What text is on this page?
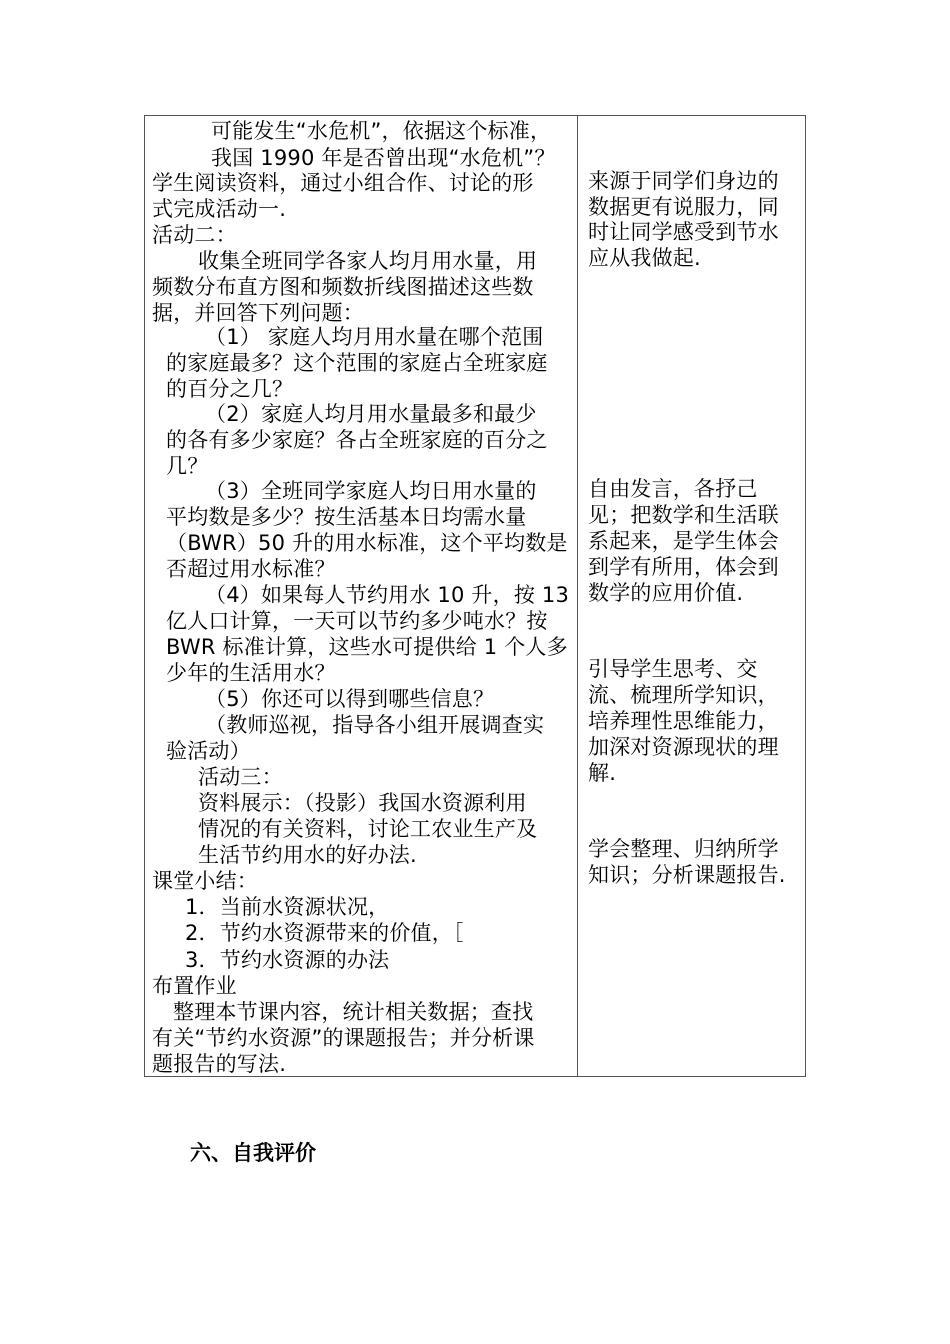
可能发生“水危机”，依据这个标准，
我国 1990 年是否曾出现“水危机”？
学生阅读资料，通过小组合作、讨论的形
式完成活动一.
活动二：
收集全班同学各家人均月用水量，用
频数分布直方图和频数折线图描述这些数
据，并回答下列问题：
（1） 家庭人均月用水量在哪个范围
的家庭最多？这个范围的家庭占全班家庭
的百分之几？
（2）家庭人均月用水量最多和最少
的各有多少家庭？各占全班家庭的百分之
几？
（3）全班同学家庭人均日用水量的
平均数是多少？按生活基本日均需水量
（BWR）50 升的用水标准，这个平均数是
否超过用水标准？
（4）如果每人节约用水 10 升，按 13
亿人口计算，一天可以节约多少吨水？按
BWR 标准计算，这些水可提供给 1 个人多
少年的生活用水？
（5）你还可以得到哪些信息？
（教师巡视，指导各小组开展调查实
验活动）
活动三：
资料展示：（投影）我国水资源利用
情况的有关资料，讨论工农业生产及
生活节约用水的好办法.
课堂小结：
1．当前水资源状况，
2．节约水资源带来的价值，［
3．节约水资源的办法
布置作业
整理本节课内容，统计相关数据；查找
有关“节约水资源”的课题报告；并分析课
题报告的写法.
来源于同学们身边的
数据更有说服力，同
时让同学感受到节水
应从我做起.
自由发言，各抒己
见；把数学和生活联
系起来，是学生体会
到学有所用，体会到
数学的应用价值.
引导学生思考、交
流、梳理所学知识，
培养理性思维能力，
加深对资源现状的理
解.
学会整理、归纳所学
知识；分析课题报告.
六、自我评价
